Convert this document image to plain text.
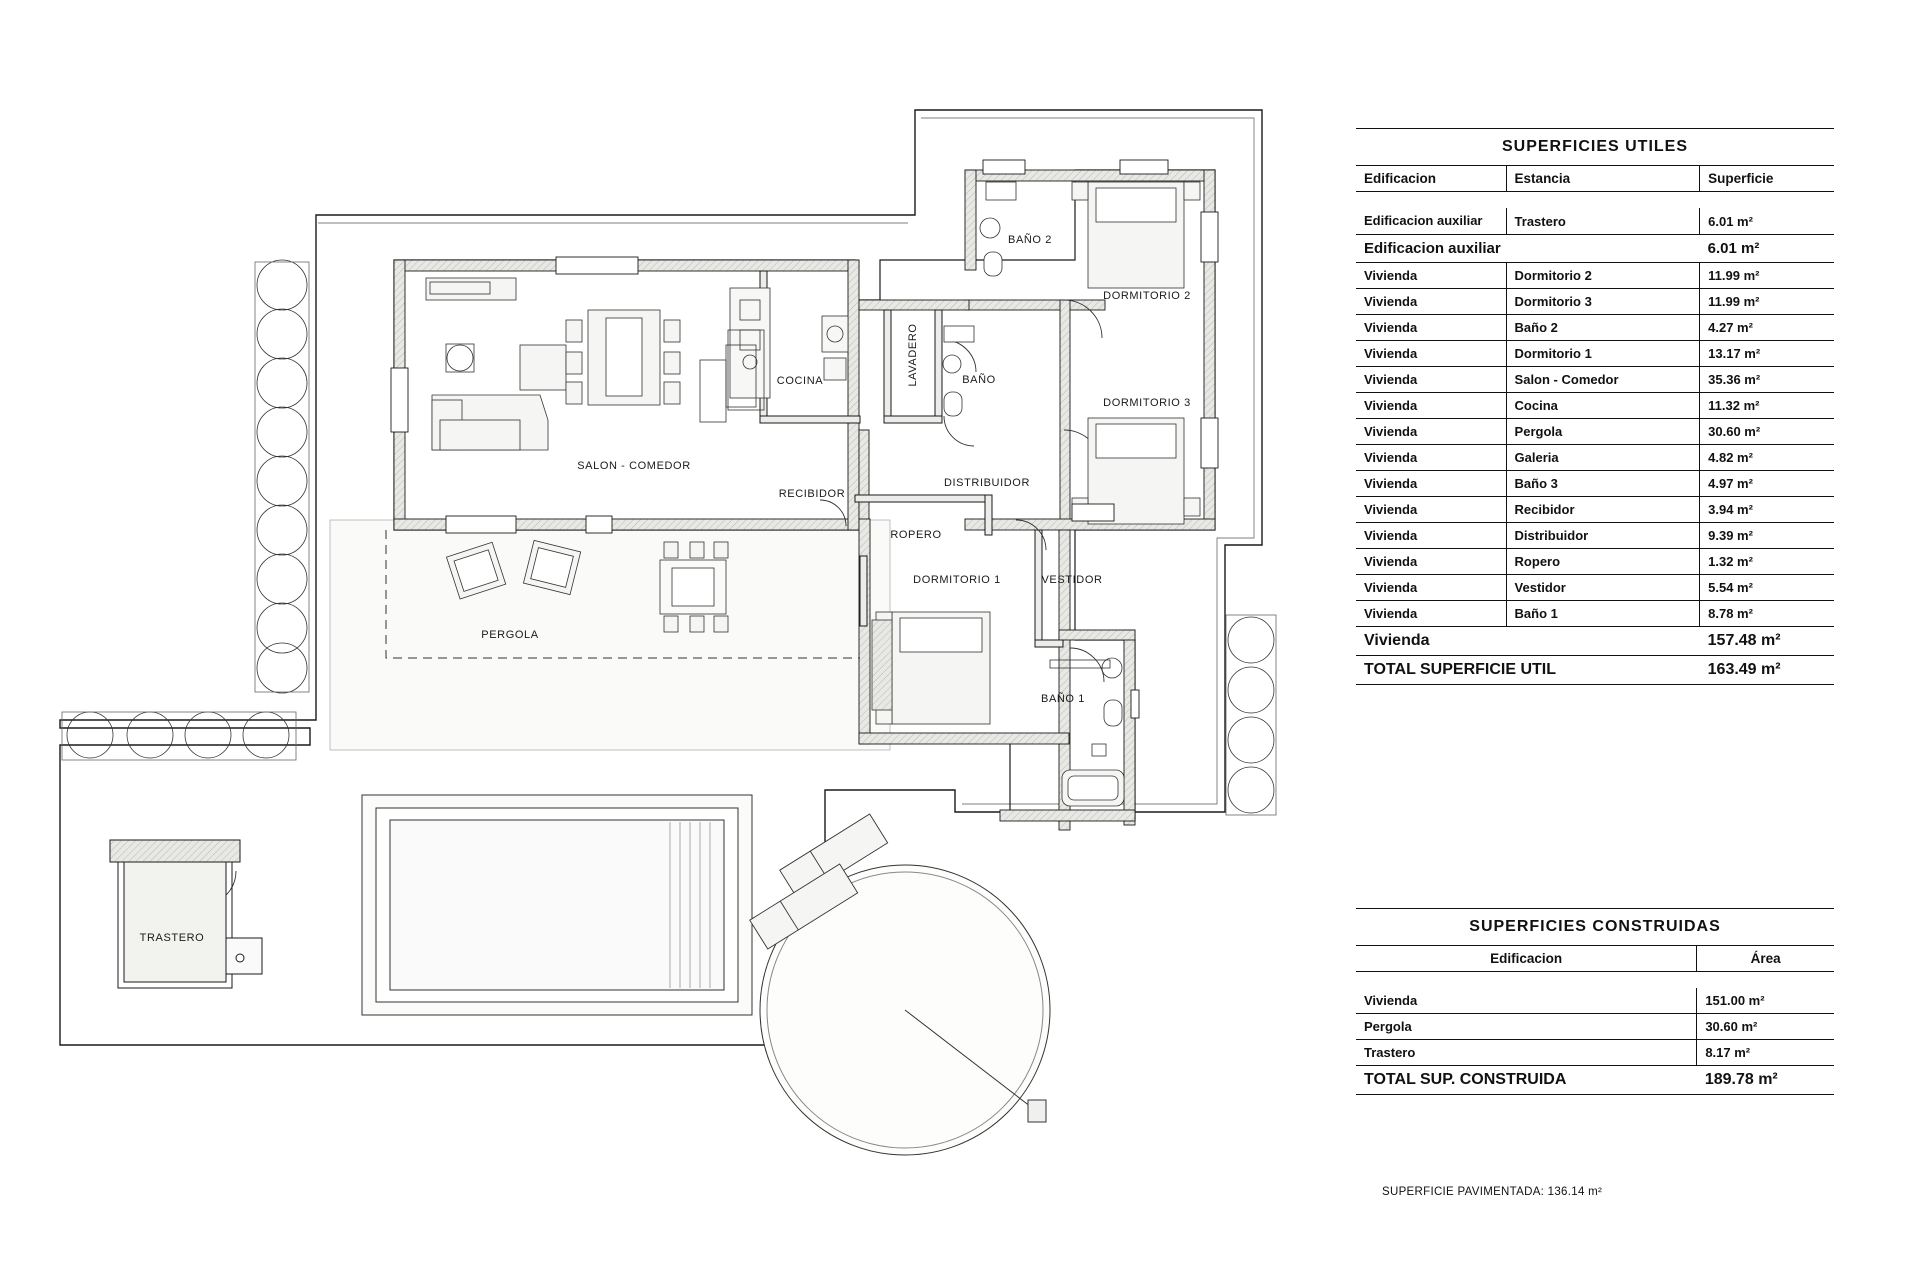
BAÑO 2
DORMITORIO 2
DORMITORIO 3
COCINA	LAVADERO	BAÑO
SALON - COMEDOR
RECIBIDOR
DISTRIBUIDOR
ROPERO
DORMITORIO 1	VESTIDOR
BAÑO 1
PERGOLA
TRASTERO
SUPERFICIES UTILES		
Edificacion	Estancia	Superficie

Edificacion auxiliar	Trastero	6.01 m²
Edificacion auxiliar		6.01 m²
Vivienda	Dormitorio 2	11.99 m²
Vivienda	Dormitorio 3	11.99 m²
Vivienda	Baño 2	4.27 m²
Vivienda	Dormitorio 1	13.17 m²
Vivienda	Salon - Comedor	35.36 m²
Vivienda	Cocina	11.32 m²
Vivienda	Pergola	30.60 m²
Vivienda	Galeria	4.82 m²
Vivienda	Baño 3	4.97 m²
Vivienda	Recibidor	3.94 m²
Vivienda	Distribuidor	9.39 m²
Vivienda	Ropero	1.32 m²
Vivienda	Vestidor	5.54 m²
Vivienda	Baño 1	8.78 m²
Vivienda		157.48 m²
TOTAL SUPERFICIE UTIL		163.49 m²
SUPERFICIES CONSTRUIDAS	
Edificacion	Área

Vivienda	151.00 m²
Pergola	30.60 m²
Trastero	8.17 m²
TOTAL SUP. CONSTRUIDA	189.78 m²
SUPERFICIE PAVIMENTADA: 136.14 m²
